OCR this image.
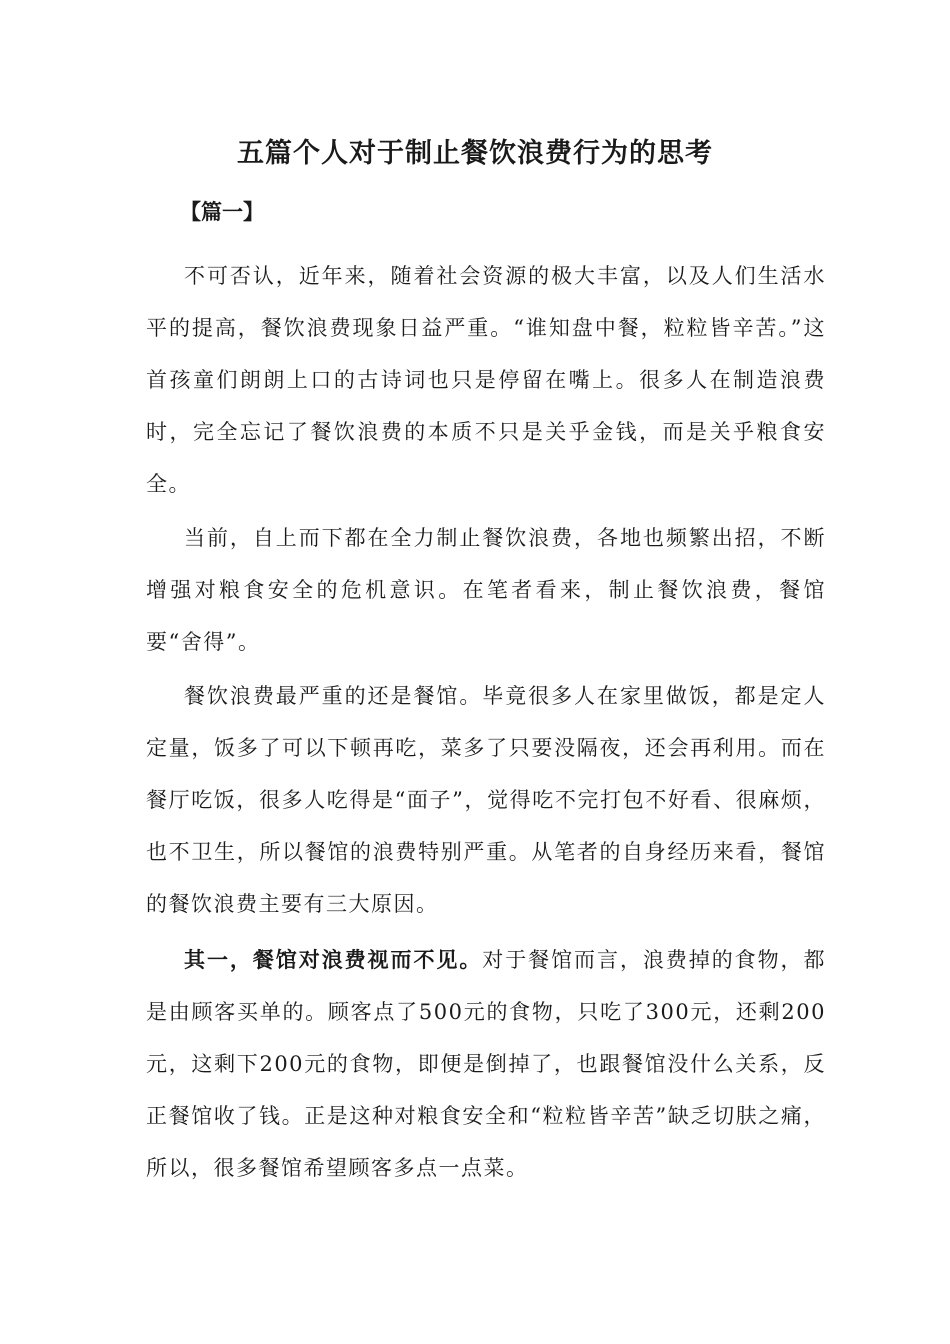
五篇个人对于制止餐饮浪费行为的思考
【篇一】

不可否认，近年来，随着社会资源的极大丰富，以及人们生活水平的提高，餐饮浪费现象日益严重。“谁知盘中餐，粒粒皆辛苦。”这首孩童们朗朗上口的古诗词也只是停留在嘴上。很多人在制造浪费时，完全忘记了餐饮浪费的本质不只是关乎金钱，而是关乎粮食安全。

当前，自上而下都在全力制止餐饮浪费，各地也频繁出招，不断增强对粮食安全的危机意识。在笔者看来，制止餐饮浪费，餐馆要“舍得”。

餐饮浪费最严重的还是餐馆。毕竟很多人在家里做饭，都是定人定量，饭多了可以下顿再吃，菜多了只要没隔夜，还会再利用。而在餐厅吃饭，很多人吃得是“面子”，觉得吃不完打包不好看、很麻烦，也不卫生，所以餐馆的浪费特别严重。从笔者的自身经历来看，餐馆的餐饮浪费主要有三大原因。

其一，餐馆对浪费视而不见。对于餐馆而言，浪费掉的食物，都是由顾客买单的。顾客点了500元的食物，只吃了300元，还剩200元，这剩下200元的食物，即便是倒掉了，也跟餐馆没什么关系，反正餐馆收了钱。正是这种对粮食安全和“粒粒皆辛苦”缺乏切肤之痛，所以，很多餐馆希望顾客多点一点菜。
